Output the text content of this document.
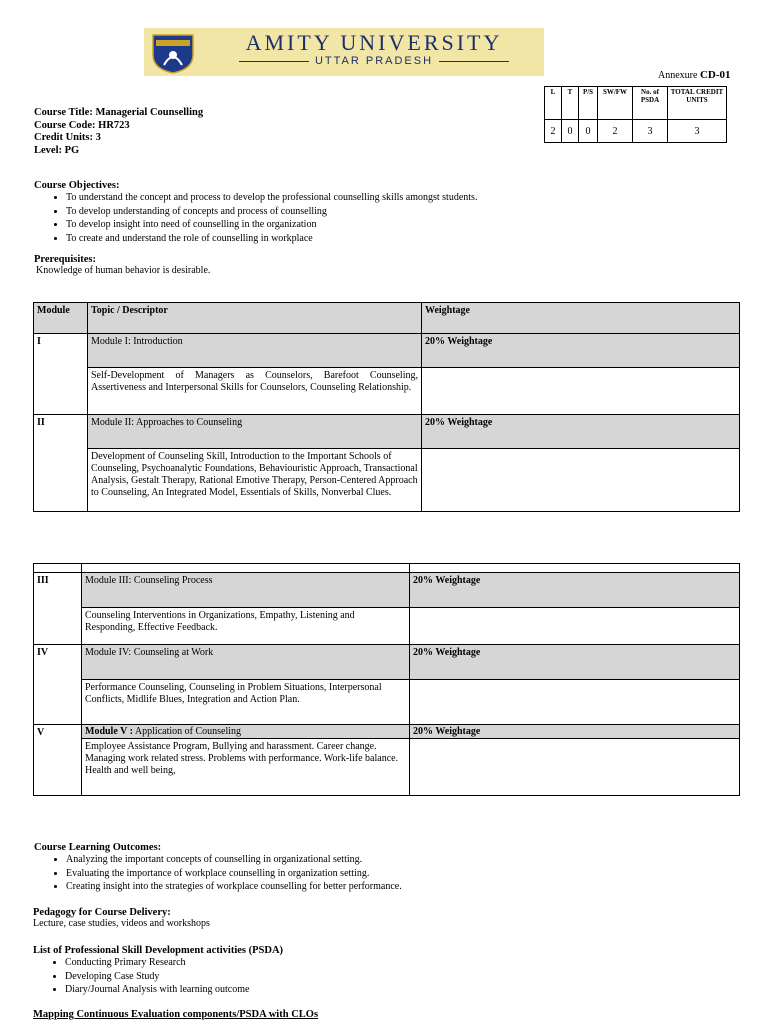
AMITY UNIVERSITY
UTTAR PRADESH
Annexure CD-01
L	T	P/S	SW/FW	No. of PSDA	TOTAL CREDIT UNITS
2	0	0	2	3	3
Course Title: Managerial Counselling
Course Code: HR723
Credit Units: 3
Level: PG
Course Objectives:
• To understand the concept and process to develop the professional counselling skills amongst students.
• To develop understanding of concepts and process of counselling
• To develop insight into need of counselling in the organization
• To create and understand the role of counselling in workplace
Prerequisites:
Knowledge of human behavior is desirable.
Module	Topic / Descriptor	Weightage
I	Module I: Introduction	20% Weightage
	Self-Development of Managers as Counselors, Barefoot Counseling, Assertiveness and Interpersonal Skills for Counselors, Counseling Relationship.	
II	Module II: Approaches to Counseling	20% Weightage
	Development of Counseling Skill, Introduction to the Important Schools of Counseling, Psychoanalytic Foundations, Behaviouristic Approach, Transactional Analysis, Gestalt Therapy, Rational Emotive Therapy, Person-Centered Approach to Counseling, An Integrated Model, Essentials of Skills, Nonverbal Clues.	

III	Module III: Counseling Process	20% Weightage
	Counseling Interventions in Organizations, Empathy, Listening and Responding, Effective Feedback.	
IV	Module IV: Counseling at Work	20% Weightage
	Performance Counseling, Counseling in Problem Situations, Interpersonal Conflicts, Midlife Blues, Integration and Action Plan.	
V	Module V : Application of Counseling	20% Weightage
	Employee Assistance Program, Bullying and harassment. Career change. Managing work related stress. Problems with performance. Work-life balance. Health and well being,	
Course Learning Outcomes:
• Analyzing the important concepts of counselling in organizational setting.
• Evaluating the importance of workplace counselling in organization setting.
• Creating insight into the strategies of workplace counselling for better performance.
Pedagogy for Course Delivery:
Lecture, case studies, videos and workshops
List of Professional Skill Development activities (PSDA)
• Conducting Primary Research
• Developing Case Study
• Diary/Journal Analysis with learning outcome
Mapping Continuous Evaluation components/PSDA with CLOs
